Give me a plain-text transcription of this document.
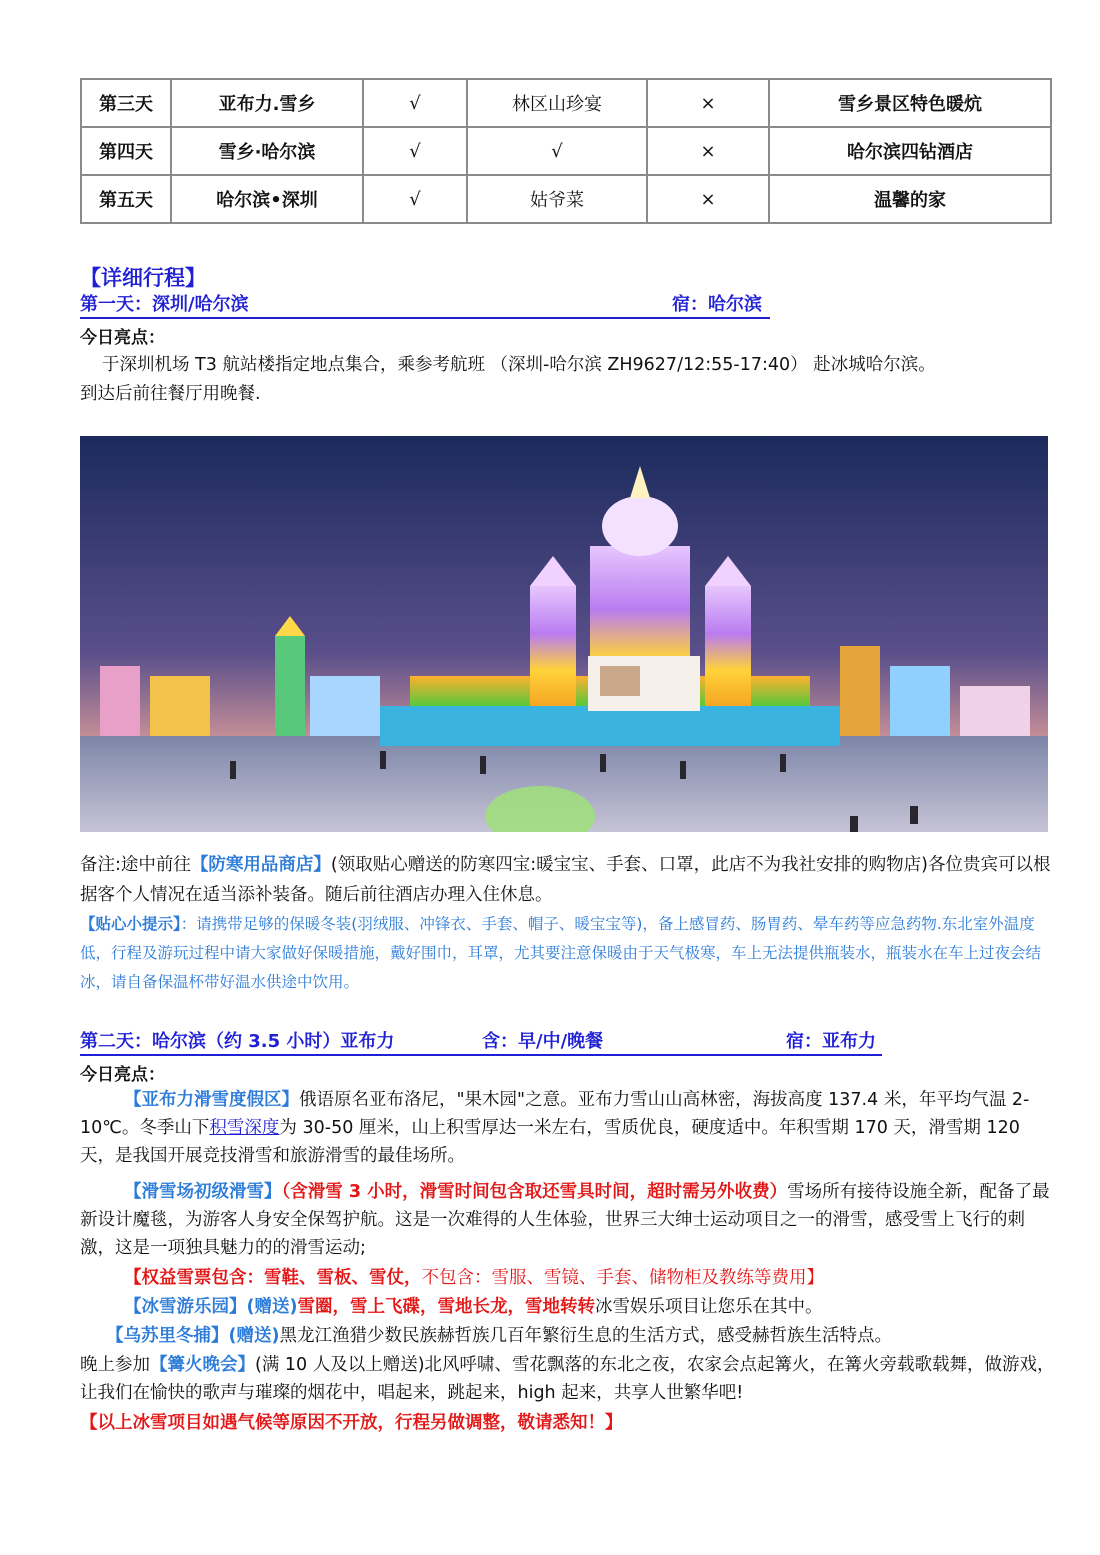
第三天	亚布力.雪乡	√	林区山珍宴	×	雪乡景区特色暖炕
第四天	雪乡·哈尔滨	√	√	×	哈尔滨四钻酒店
第五天	哈尔滨•深圳	√	姑爷菜	×	温馨的家
【详细行程】
第一天：深圳/哈尔滨	宿：哈尔滨
今日亮点：
于深圳机场 T3 航站楼指定地点集合，乘参考航班 （深圳-哈尔滨 ZH9627/12:55-17:40） 赴冰城哈尔滨。
到达后前往餐厅用晚餐.
备注:途中前往【防寒用品商店】(领取贴心赠送的防寒四宝:暖宝宝、手套、口罩，此店不为我社安排的购物店)各位贵宾可以根据客个人情况在适当添补装备。随后前往酒店办理入住休息。
【贴心小提示】：请携带足够的保暖冬装(羽绒服、冲锋衣、手套、帽子、暖宝宝等)，备上感冒药、肠胃药、晕车药等应急药物.东北室外温度低，行程及游玩过程中请大家做好保暖措施，戴好围巾，耳罩，尤其要注意保暖由于天气极寒，车上无法提供瓶装水，瓶装水在车上过夜会结冰，请自备保温杯带好温水供途中饮用。
第二天：哈尔滨（约 3.5 小时）亚布力	含：早/中/晚餐	宿：亚布力
今日亮点：
【亚布力滑雪度假区】俄语原名亚布洛尼，"果木园"之意。亚布力雪山山高林密，海拔高度 137.4 米，年平均气温 2-10℃。冬季山下积雪深度为 30-50 厘米，山上积雪厚达一米左右，雪质优良，硬度适中。年积雪期 170 天，滑雪期 120 天，是我国开展竞技滑雪和旅游滑雪的最佳场所。
【滑雪场初级滑雪】（含滑雪 3 小时，滑雪时间包含取还雪具时间，超时需另外收费）雪场所有接待设施全新，配备了最新设计魔毯，为游客人身安全保驾护航。这是一次难得的人生体验，世界三大绅士运动项目之一的滑雪，感受雪上飞行的刺激，这是一项独具魅力的的滑雪运动;
【权益雪票包含：雪鞋、雪板、雪仗，不包含：雪服、雪镜、手套、储物柜及教练等费用】
【冰雪游乐园】(赠送)雪圈，雪上飞碟，雪地长龙，雪地转转冰雪娱乐项目让您乐在其中。
【乌苏里冬捕】(赠送)黑龙江渔猎少数民族赫哲族几百年繁衍生息的生活方式，感受赫哲族生活特点。
晚上参加【篝火晚会】(满 10 人及以上赠送)北风呼啸、雪花飘落的东北之夜，农家会点起篝火，在篝火旁载歌载舞，做游戏，让我们在愉快的歌声与璀璨的烟花中，唱起来，跳起来，high 起来，共享人世繁华吧!
【以上冰雪项目如遇气候等原因不开放，行程另做调整，敬请悉知！】
